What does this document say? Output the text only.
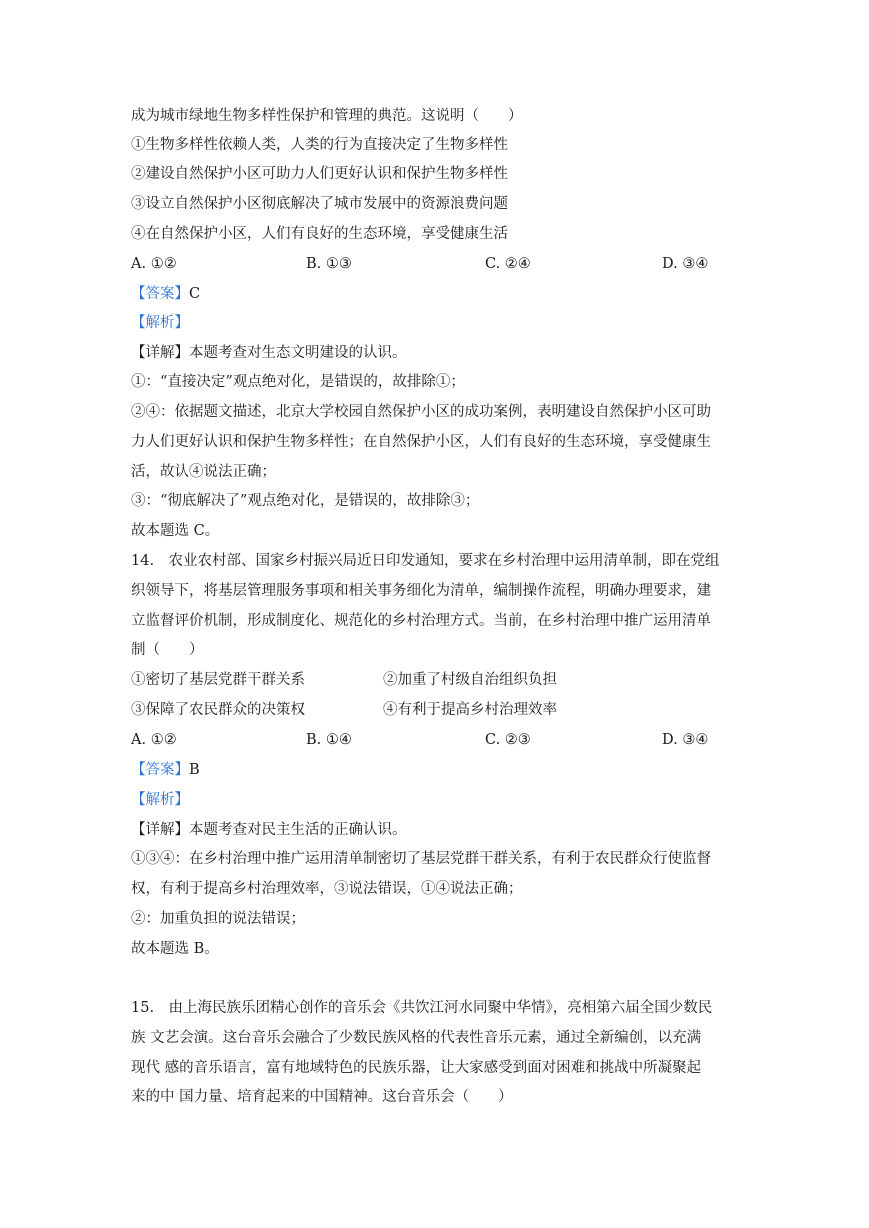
成为城市绿地生物多样性保护和管理的典范。这说明（　　）
①生物多样性依赖人类，人类的行为直接决定了生物多样性
②建设自然保护小区可助力人们更好认识和保护生物多样性
③设立自然保护小区彻底解决了城市发展中的资源浪费问题
④在自然保护小区，人们有良好的生态环境，享受健康生活
A. ①②	B. ①③	C. ②④	D. ③④
【答案】C
【解析】
【详解】本题考查对生态文明建设的认识。
①：“直接决定”观点绝对化，是错误的，故排除①；
②④：依据题文描述，北京大学校园自然保护小区的成功案例，表明建设自然保护小区可助
力人们更好认识和保护生物多样性；在自然保护小区，人们有良好的生态环境，享受健康生
活，故认④说法正确；
③：“彻底解决了”观点绝对化，是错误的，故排除③；
故本题选 C。
14.　农业农村部、国家乡村振兴局近日印发通知，要求在乡村治理中运用清单制，即在党组
织领导下，将基层管理服务事项和相关事务细化为清单，编制操作流程，明确办理要求，建
立监督评价机制，形成制度化、规范化的乡村治理方式。当前，在乡村治理中推广运用清单
制（　　）
①密切了基层党群干群关系	②加重了村级自治组织负担
③保障了农民群众的决策权	④有利于提高乡村治理效率
A. ①②	B. ①④	C. ②③	D. ③④
【答案】B
【解析】
【详解】本题考查对民主生活的正确认识。
①③④：在乡村治理中推广运用清单制密切了基层党群干群关系，有利于农民群众行使监督
权，有利于提高乡村治理效率，③说法错误，①④说法正确；
②：加重负担的说法错误；
故本题选 B。
15.　由上海民族乐团精心创作的音乐会《共饮江河水同聚中华情》，亮相第六届全国少数民
族 文艺会演。这台音乐会融合了少数民族风格的代表性音乐元素，通过全新编创，以充满
现代 感的音乐语言，富有地域特色的民族乐器，让大家感受到面对困难和挑战中所凝聚起
来的中 国力量、培育起来的中国精神。这台音乐会（　　）
